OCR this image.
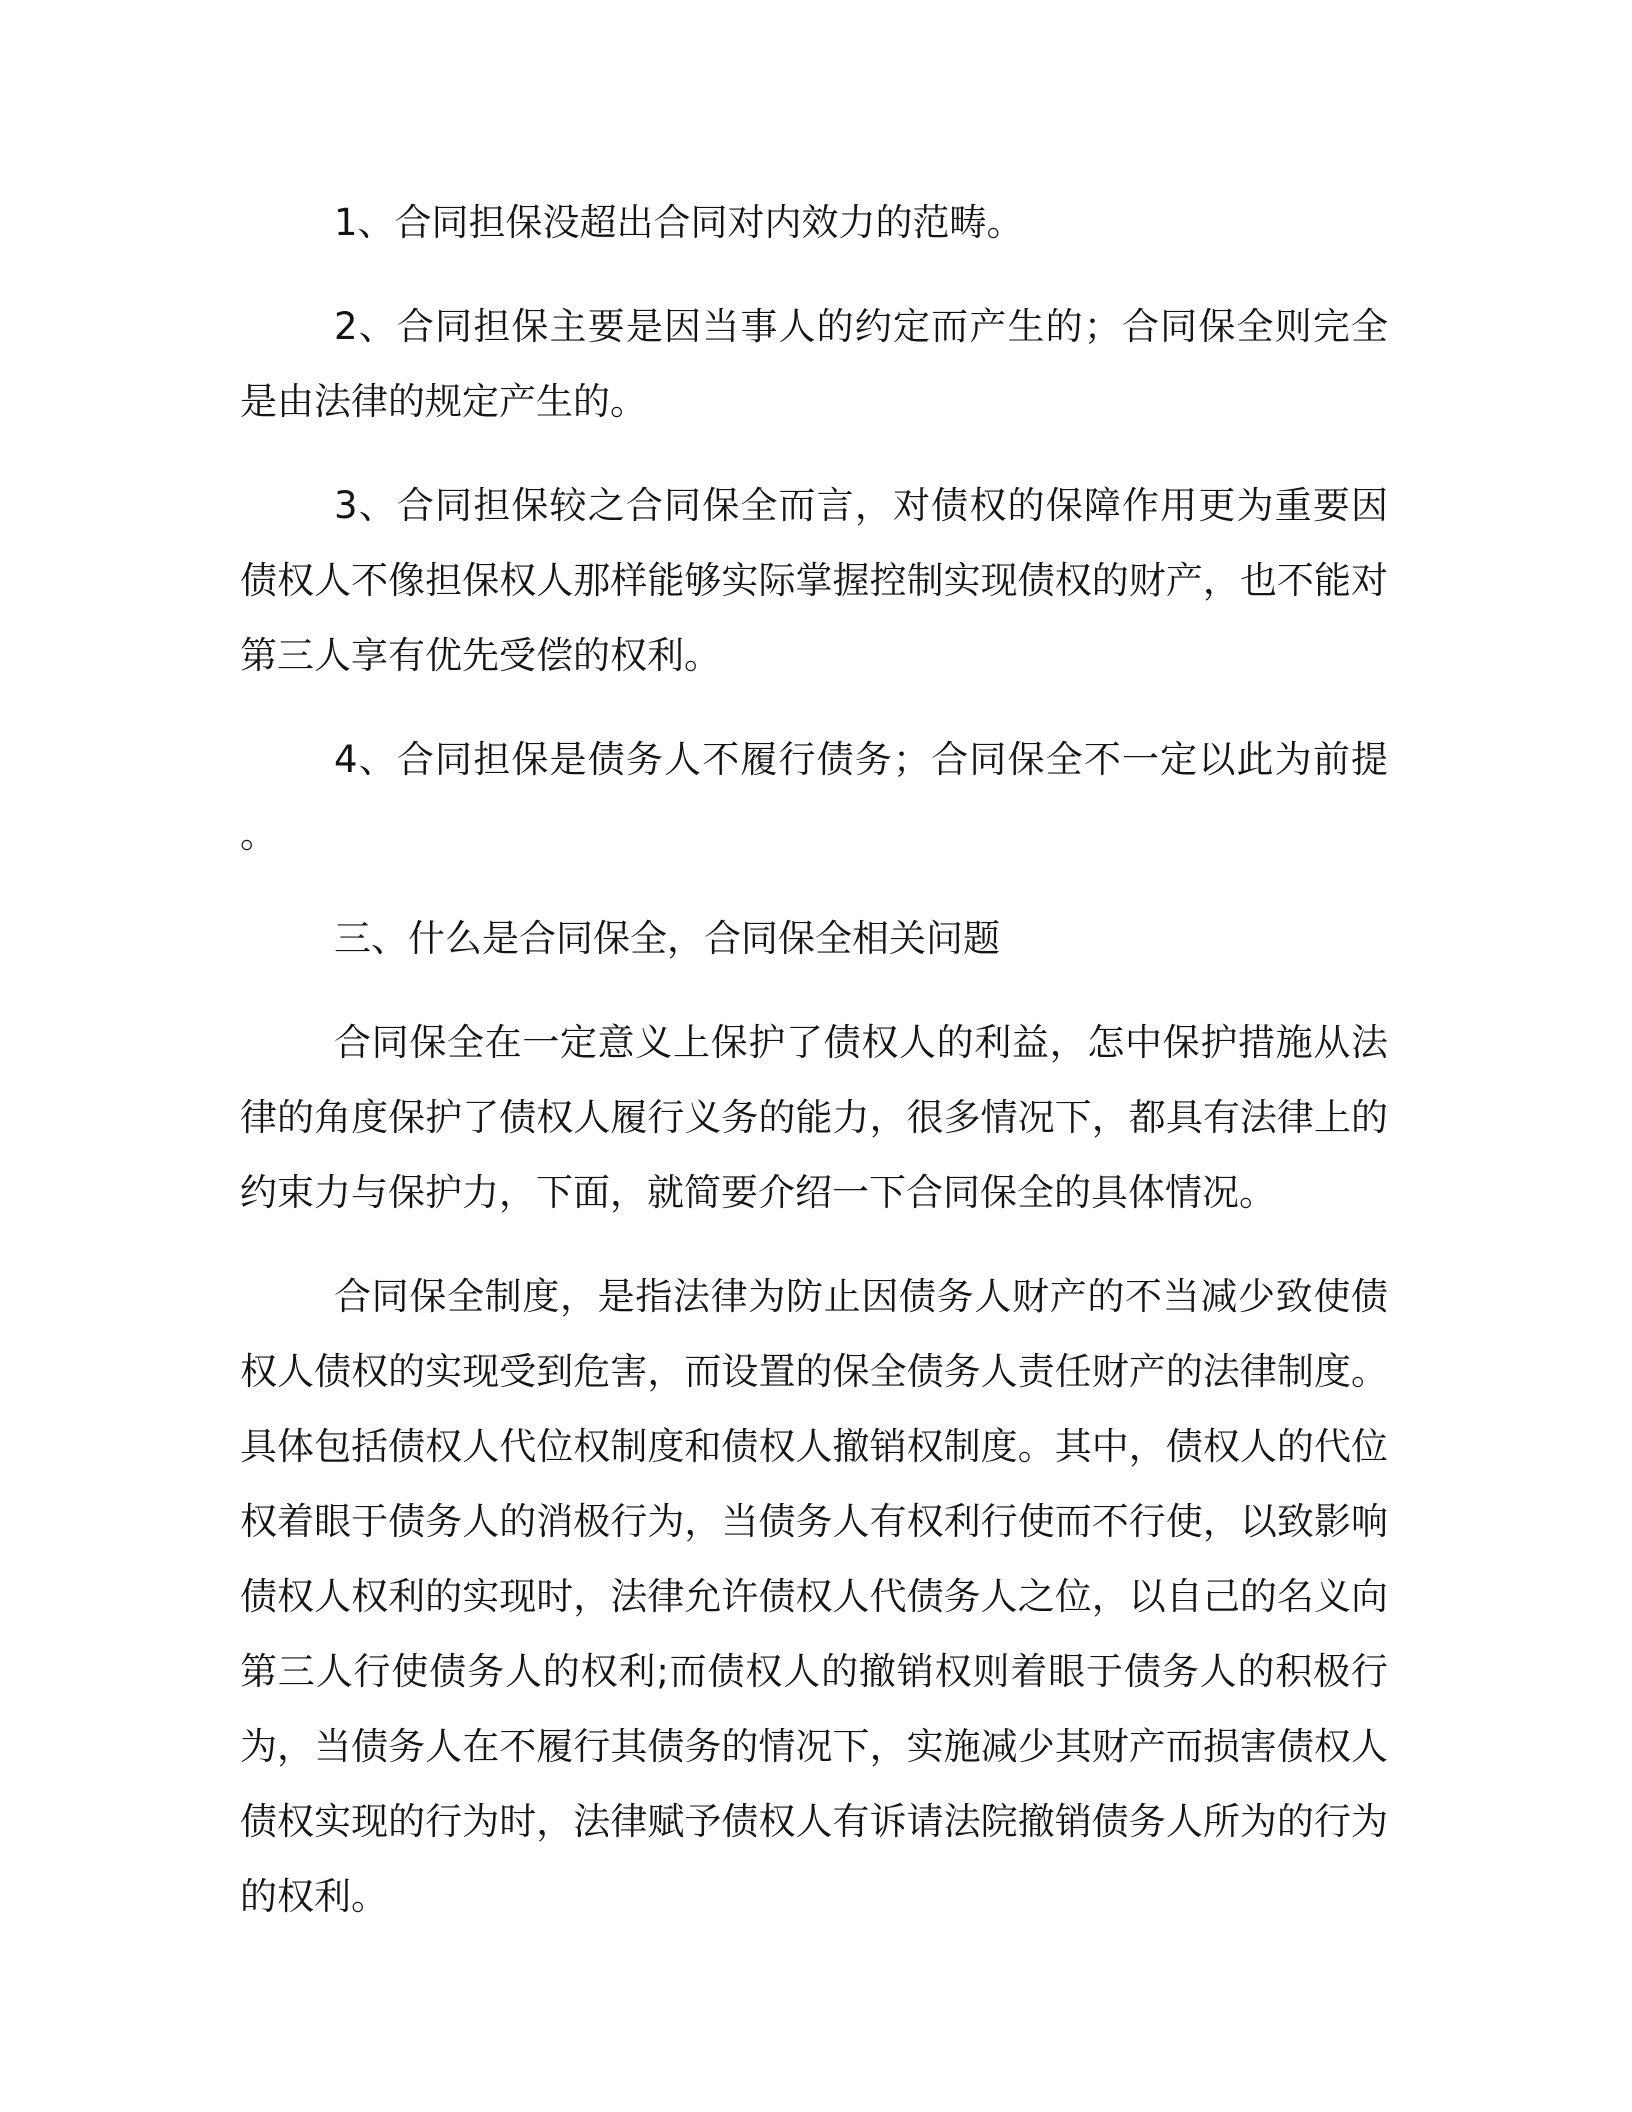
1、合同担保没超出合同对内效力的范畴。

2、合同担保主要是因当事人的约定而产生的；合同保全则完全是由法律的规定产生的。

3、合同担保较之合同保全而言，对债权的保障作用更为重要因债权人不像担保权人那样能够实际掌握控制实现债权的财产，也不能对第三人享有优先受偿的权利。

4、合同担保是债务人不履行债务；合同保全不一定以此为前提。

三、什么是合同保全，合同保全相关问题

合同保全在一定意义上保护了债权人的利益，怎中保护措施从法律的角度保护了债权人履行义务的能力，很多情况下，都具有法律上的约束力与保护力，下面，就简要介绍一下合同保全的具体情况。

合同保全制度，是指法律为防止因债务人财产的不当减少致使债权人债权的实现受到危害，而设置的保全债务人责任财产的法律制度。具体包括债权人代位权制度和债权人撤销权制度。其中，债权人的代位权着眼于债务人的消极行为，当债务人有权利行使而不行使，以致影响债权人权利的实现时，法律允许债权人代债务人之位，以自己的名义向第三人行使债务人的权利;而债权人的撤销权则着眼于债务人的积极行为，当债务人在不履行其债务的情况下，实施减少其财产而损害债权人债权实现的行为时，法律赋予债权人有诉请法院撤销债务人所为的行为的权利。
